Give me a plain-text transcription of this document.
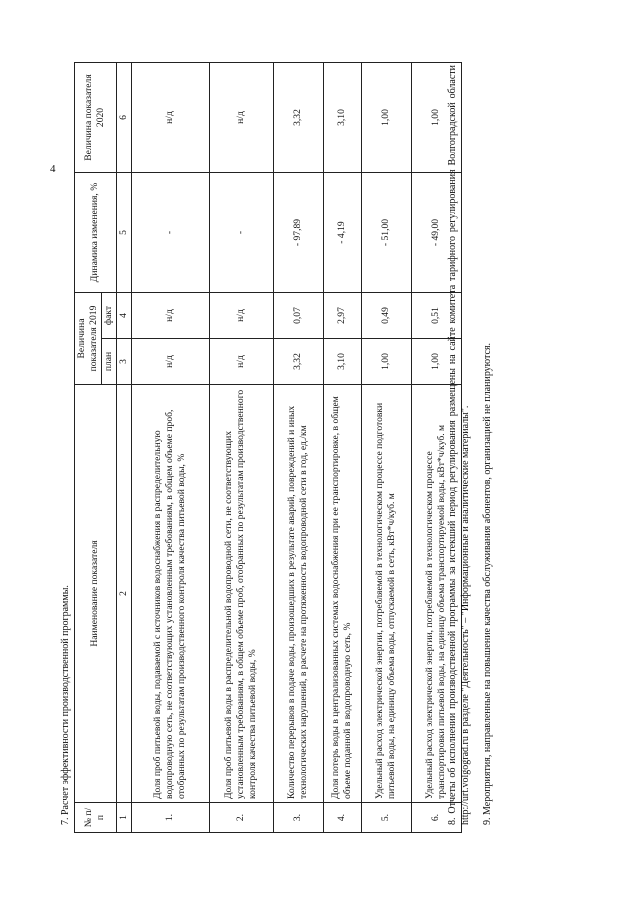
4
7. Расчет эффективности производственной программы. № п/п	Наименование показателя	Величина показателя 2019		Динамика изменения, %	Величина показателя 2020
		план	факт		
1	2	3	4	5	6
1.	Доля проб питьевой воды, подаваемой с источников водоснабжения в распределительную водопроводную сеть, не соответствующих установленным требованиям, в общем объеме проб, отобранных по результатам производственного контроля качества питьевой воды, %	н/д	н/д	-	н/д
2.	Доля проб питьевой воды в распределительной водопроводной сети, не соответствующих установленным требованиям, в общем объеме проб, отобранных по результатам производственного контроля качества питьевой воды, %	н/д	н/д	-	н/д
3.	Количество перерывов в подаче воды, произошедших в результате аварий, повреждений и иных технологических нарушений, в расчете на протяженность водопроводной сети в год, ед./км	3,32	0,07	- 97,89	3,32
4.	Доля потерь воды в централизованных системах водоснабжения при ее транспортировке, в общем объеме поданной в водопроводную сеть, %	3,10	2,97	- 4,19	3,10
5.	Удельный расход электрической энергии, потребляемой в технологическом процессе подготовки питьевой воды, на единицу объема воды, отпускаемой в сеть, кВт*ч/куб. м	1,00	0,49	- 51,00	1,00
6.	Удельный расход электрической энергии, потребляемой в технологическом процессе транспортировки питьевой воды, на единицу объема транспортируемой воды, кВт*ч/куб. м	1,00	0,51	- 49,00	1,00 8. Отчеты об исполнении производственной программы за истекший период регулирования размещены на сайте комитета тарифного регулирования Волгоградской области http://urt.volgograd.ru в разделе "Деятельность" – "Информационные и аналитические материалы". 9. Мероприятия, направленные на повышение качества обслуживания абонентов, организацией не планируются.
